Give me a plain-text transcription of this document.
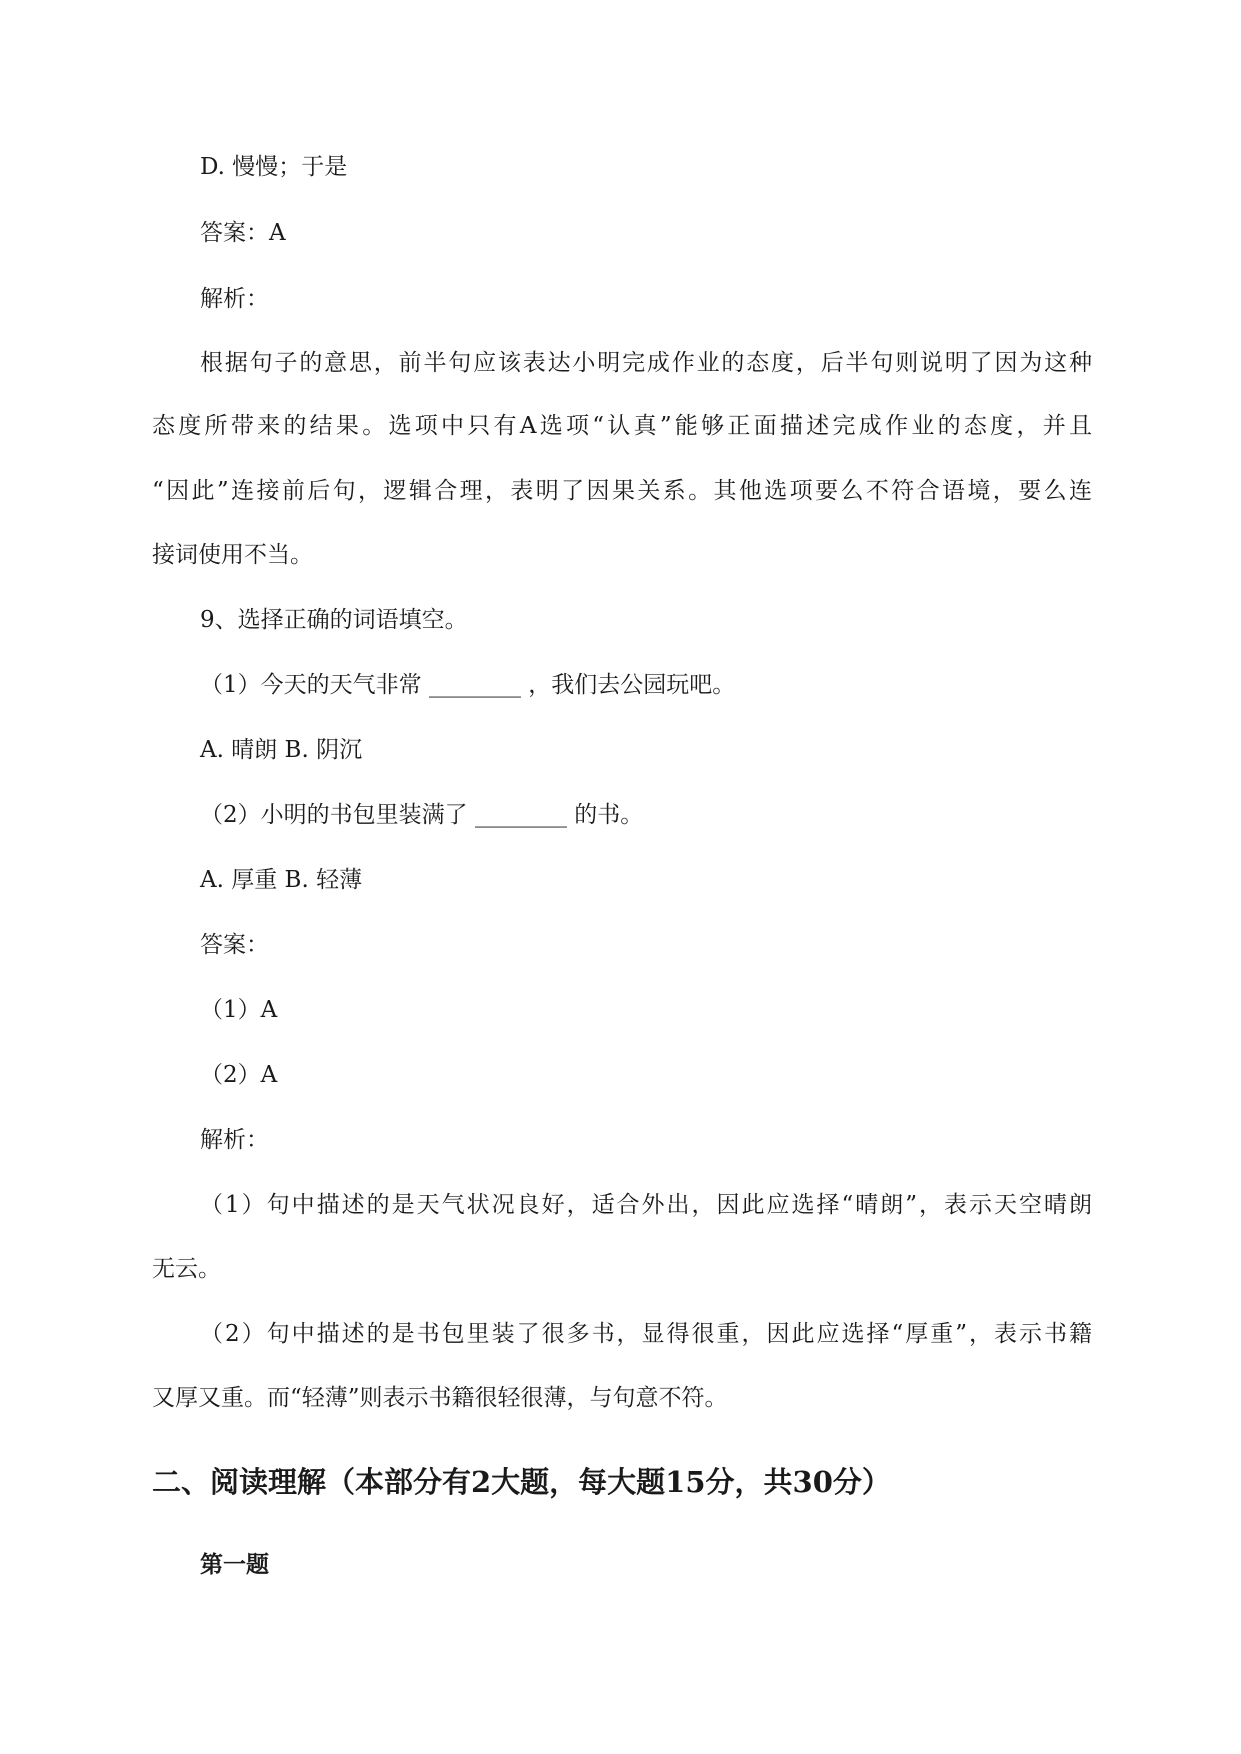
D. 慢慢；于是

答案：A

解析：

根据句子的意思，前半句应该表达小明完成作业的态度，后半句则说明了因为这种

态度所带来的结果。选项中只有A选项“认真”能够正面描述完成作业的态度，并且

“因此”连接前后句，逻辑合理，表明了因果关系。其他选项要么不符合语境，要么连

接词使用不当。

9、选择正确的词语填空。

（1）今天的天气非常 ________ ，我们去公园玩吧。

A. 晴朗 B. 阴沉

（2）小明的书包里装满了 ________ 的书。

A. 厚重 B. 轻薄

答案：

（1）A

（2）A

解析：

（1）句中描述的是天气状况良好，适合外出，因此应选择“晴朗”，表示天空晴朗

无云。

（2）句中描述的是书包里装了很多书，显得很重，因此应选择“厚重”，表示书籍

又厚又重。而“轻薄”则表示书籍很轻很薄，与句意不符。

二、阅读理解（本部分有2大题，每大题15分，共30分）

第一题
